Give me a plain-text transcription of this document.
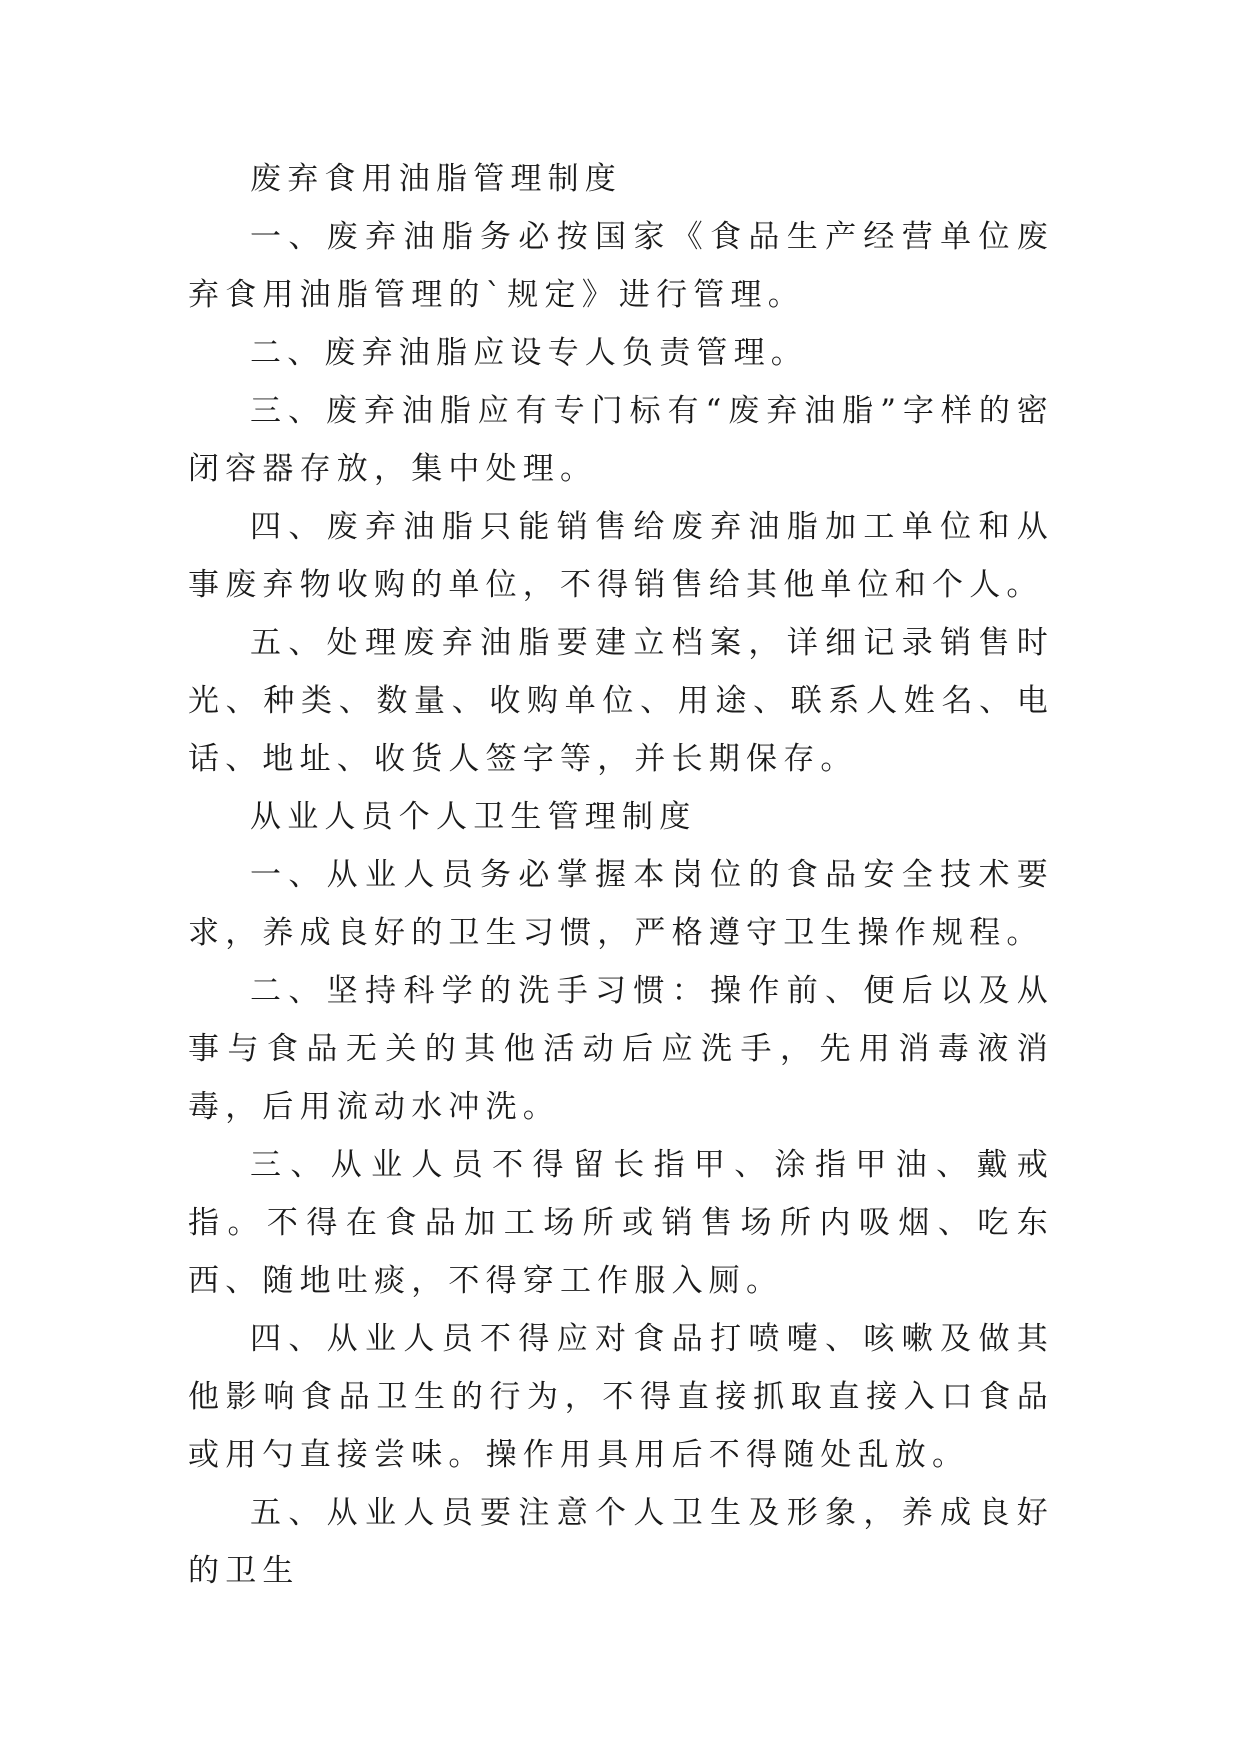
废弃食用油脂管理制度

一、废弃油脂务必按国家《食品生产经营单位废弃食用油脂管理的`规定》进行管理。

二、废弃油脂应设专人负责管理。

三、废弃油脂应有专门标有“废弃油脂”字样的密闭容器存放，集中处理。

四、废弃油脂只能销售给废弃油脂加工单位和从事废弃物收购的单位，不得销售给其他单位和个人。

五、处理废弃油脂要建立档案，详细记录销售时光、种类、数量、收购单位、用途、联系人姓名、电话、地址、收货人签字等，并长期保存。

从业人员个人卫生管理制度

一、从业人员务必掌握本岗位的食品安全技术要求，养成良好的卫生习惯，严格遵守卫生操作规程。

二、坚持科学的洗手习惯：操作前、便后以及从事与食品无关的其他活动后应洗手，先用消毒液消毒，后用流动水冲洗。

三、从业人员不得留长指甲、涂指甲油、戴戒指。不得在食品加工场所或销售场所内吸烟、吃东西、随地吐痰，不得穿工作服入厕。

四、从业人员不得应对食品打喷嚏、咳嗽及做其他影响食品卫生的行为，不得直接抓取直接入口食品或用勺直接尝味。操作用具用后不得随处乱放。

五、从业人员要注意个人卫生及形象，养成良好的卫生
